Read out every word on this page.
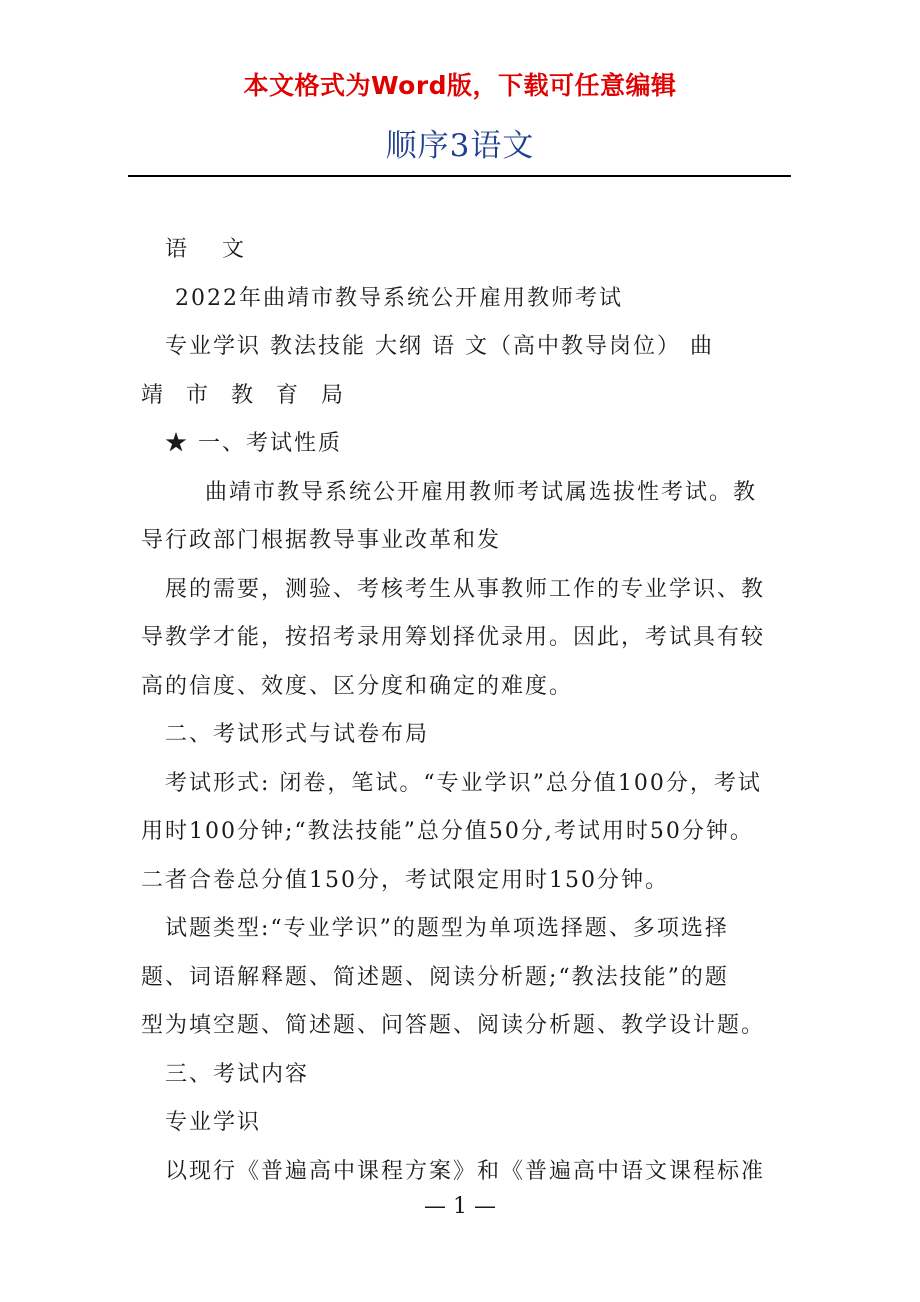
本文格式为Word版，下载可任意编辑
顺序3语文
语 文
2022年曲靖市教导系统公开雇用教师考试
专业学识 教法技能 大纲 语 文（高中教导岗位） 曲
靖 市 教 育 局
★ 一、考试性质
曲靖市教导系统公开雇用教师考试属选拔性考试。教
导行政部门根据教导事业改革和发
展的需要，测验、考核考生从事教师工作的专业学识、教
导教学才能，按招考录用筹划择优录用。因此，考试具有较
高的信度、效度、区分度和确定的难度。
二、考试形式与试卷布局
考试形式: 闭卷，笔试。“专业学识”总分值100分，考试
用时100分钟;“教法技能”总分值50分,考试用时50分钟。
二者合卷总分值150分，考试限定用时150分钟。
试题类型:“专业学识”的题型为单项选择题、多项选择
题、词语解释题、简述题、阅读分析题;“教法技能”的题
型为填空题、简述题、问答题、阅读分析题、教学设计题。
三、考试内容
专业学识
以现行《普遍高中课程方案》和《普遍高中语文课程标准
— 1 —
